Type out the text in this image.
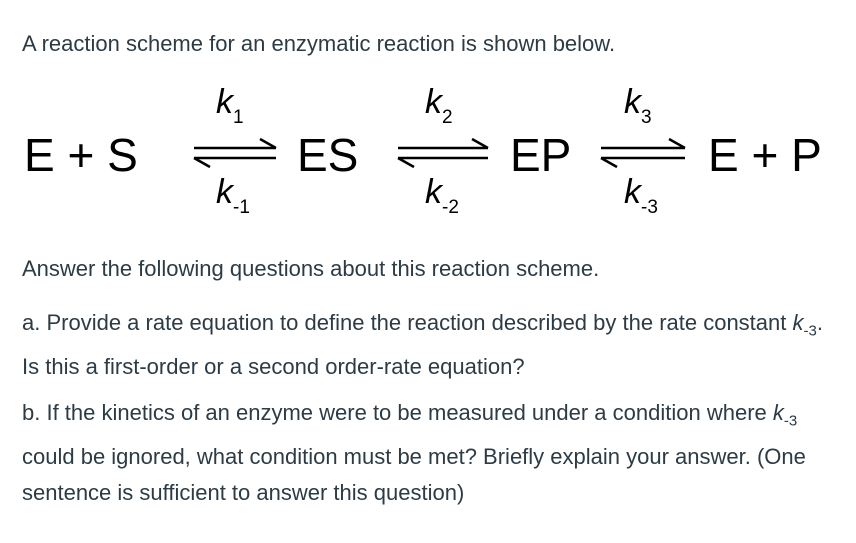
A reaction scheme for an enzymatic reaction is shown below.
E + S	ES	EP	E + P
$k_1$	$k_2$	$k_3$
$k_{-1}$	$k_{-2}$	$k_{-3}$
Answer the following questions about this reaction scheme.
a. Provide a rate equation to define the reaction described by the rate constant $k_{-3}$. Is this a first-order or a second order-rate equation?
b. If the kinetics of an enzyme were to be measured under a condition where $k_{-3}$ could be ignored, what condition must be met? Briefly explain your answer. (One sentence is sufficient to answer this question)
